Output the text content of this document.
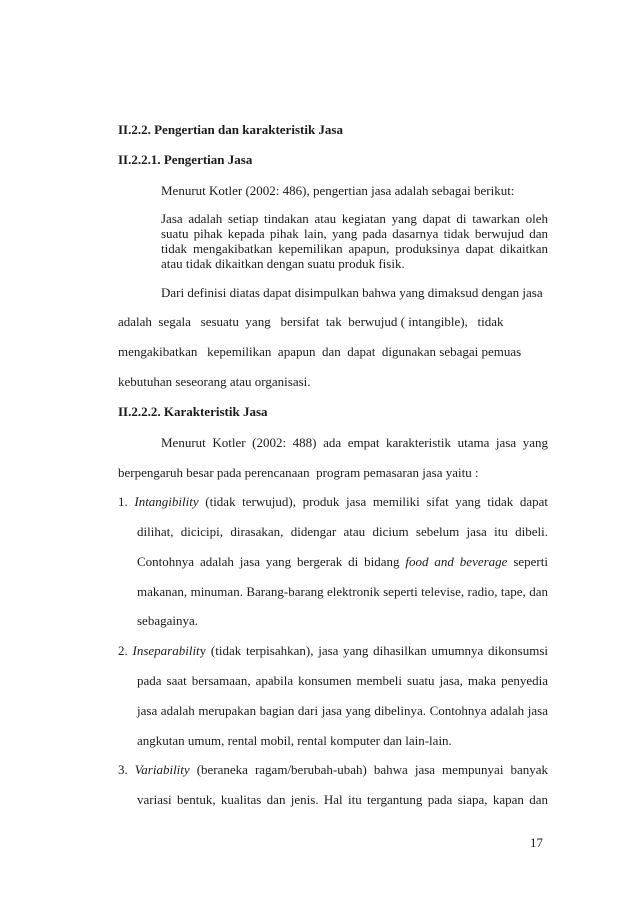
II.2.2. Pengertian dan karakteristik Jasa
II.2.2.1. Pengertian Jasa
Menurut Kotler (2002: 486), pengertian jasa adalah sebagai berikut:
Jasa adalah setiap tindakan atau kegiatan yang dapat di tawarkan oleh
suatu pihak kepada pihak lain, yang pada dasarnya tidak berwujud dan
tidak mengakibatkan kepemilikan apapun, produksinya dapat dikaitkan
atau tidak dikaitkan dengan suatu produk fisik.
Dari definisi diatas dapat disimpulkan bahwa yang dimaksud dengan jasa
adalah  segala   sesuatu  yang   bersifat  tak  berwujud ( intangible),   tidak
mengakibatkan   kepemilikan  apapun  dan  dapat  digunakan sebagai pemuas
kebutuhan seseorang atau organisasi.
II.2.2.2. Karakteristik Jasa
Menurut Kotler (2002: 488) ada empat karakteristik utama jasa yang
berpengaruh besar pada perencanaan  program pemasaran jasa yaitu :
1. Intangibility (tidak terwujud), produk jasa memiliki sifat yang tidak dapat
dilihat, dicicipi, dirasakan, didengar atau dicium sebelum jasa itu dibeli.
Contohnya adalah jasa yang bergerak di bidang food and beverage seperti
makanan, minuman. Barang-barang elektronik seperti televise, radio, tape, dan
sebagainya.
2. Inseparability (tidak terpisahkan), jasa yang dihasilkan umumnya dikonsumsi
pada saat bersamaan, apabila konsumen membeli suatu jasa, maka penyedia
jasa adalah merupakan bagian dari jasa yang dibelinya. Contohnya adalah jasa
angkutan umum, rental mobil, rental komputer dan lain-lain.
3. Variability (beraneka ragam/berubah-ubah) bahwa jasa mempunyai banyak
variasi bentuk, kualitas dan jenis. Hal itu tergantung pada siapa, kapan dan
17
